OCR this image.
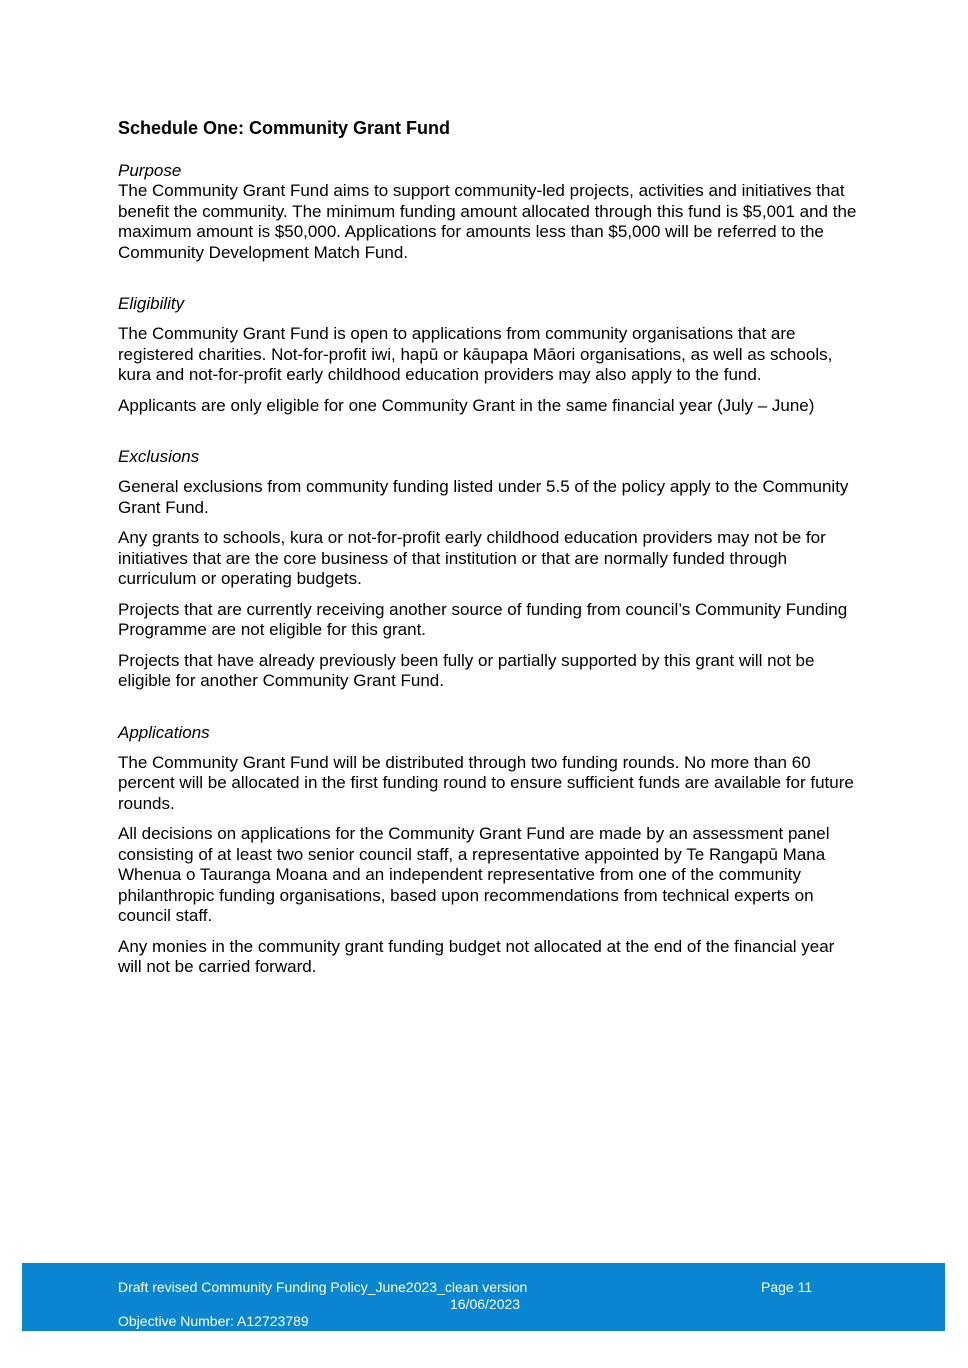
Schedule One: Community Grant Fund

Purpose

The Community Grant Fund aims to support community-led projects, activities and initiatives that benefit the community. The minimum funding amount allocated through this fund is $5,001 and the maximum amount is $50,000. Applications for amounts less than $5,000 will be referred to the Community Development Match Fund.

Eligibility

The Community Grant Fund is open to applications from community organisations that are registered charities. Not-for-profit iwi, hapū or kāupapa Māori organisations, as well as schools, kura and not-for-profit early childhood education providers may also apply to the fund.

Applicants are only eligible for one Community Grant in the same financial year (July – June)

Exclusions

General exclusions from community funding listed under 5.5 of the policy apply to the Community Grant Fund.

Any grants to schools, kura or not-for-profit early childhood education providers may not be for initiatives that are the core business of that institution or that are normally funded through curriculum or operating budgets.

Projects that are currently receiving another source of funding from council’s Community Funding Programme are not eligible for this grant.

Projects that have already previously been fully or partially supported by this grant will not be eligible for another Community Grant Fund.

Applications

The Community Grant Fund will be distributed through two funding rounds. No more than 60 percent will be allocated in the first funding round to ensure sufficient funds are available for future rounds.

All decisions on applications for the Community Grant Fund are made by an assessment panel consisting of at least two senior council staff, a representative appointed by Te Rangapū Mana Whenua o Tauranga Moana and an independent representative from one of the community philanthropic funding organisations, based upon recommendations from technical experts on council staff.

Any monies in the community grant funding budget not allocated at the end of the financial year will not be carried forward.

Draft revised Community Funding Policy_June2023_clean version
16/06/2023
Page 11
Objective Number: A12723789
